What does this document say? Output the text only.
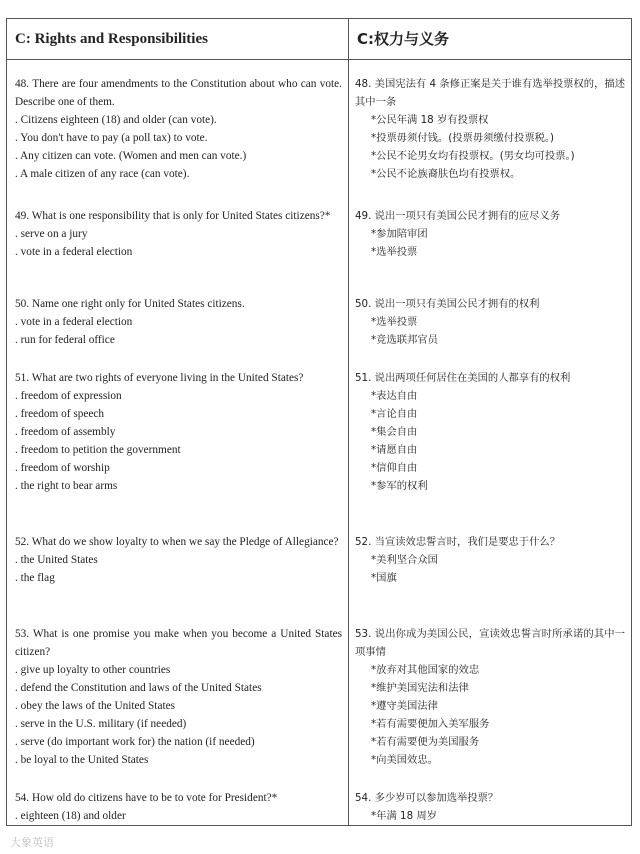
C: Rights and Responsibilities
48. There are four amendments to the Constitution about who can vote. Describe one of them.
. Citizens eighteen (18) and older (can vote).
. You don't have to pay (a poll tax) to vote.
. Any citizen can vote. (Women and men can vote.)
. A male citizen of any race (can vote).
49. What is one responsibility that is only for United States citizens?*
. serve on a jury
. vote in a federal election
50. Name one right only for United States citizens.
. vote in a federal election
. run for federal office
51. What are two rights of everyone living in the United States?
. freedom of expression
. freedom of speech
. freedom of assembly
. freedom to petition the government
. freedom of worship
. the right to bear arms
52. What do we show loyalty to when we say the Pledge of Allegiance?
. the United States
. the flag
53. What is one promise you make when you become a United States citizen?
. give up loyalty to other countries
. defend the Constitution and laws of the United States
. obey the laws of the United States
. serve in the U.S. military (if needed)
. serve (do important work for) the nation (if needed)
. be loyal to the United States
54. How old do citizens have to be to vote for President?*
. eighteen (18) and older
C:权力与义务
48. 美国宪法有 4 条修正案是关于谁有选举投票权的，描述其中一条
*公民年满 18 岁有投票权
*投票毋须付钱。(投票毋须缴付投票税。)
*公民不论男女均有投票权。(男女均可投票。)
*公民不论族裔肤色均有投票权。
49. 说出一项只有美国公民才拥有的应尽义务
*参加陪审团
*选举投票
50. 说出一项只有美国公民才拥有的权利
*选举投票
*竞选联邦官员
51. 说出两项任何居住在美国的人都享有的权利
*表达自由
*言论自由
*集会自由
*请愿自由
*信仰自由
*参军的权利
52. 当宣读效忠誓言时，我们是要忠于什么？
*美利坚合众国
*国旗
53. 说出你成为美国公民，宣读效忠誓言时所承诺的其中一项事情
*放弃对其他国家的效忠
*维护美国宪法和法律
*遵守美国法律
*若有需要便加入美军服务
*若有需要便为美国服务
*向美国效忠。
54. 多少岁可以参加选举投票？
*年满 18 周岁
大象英语
